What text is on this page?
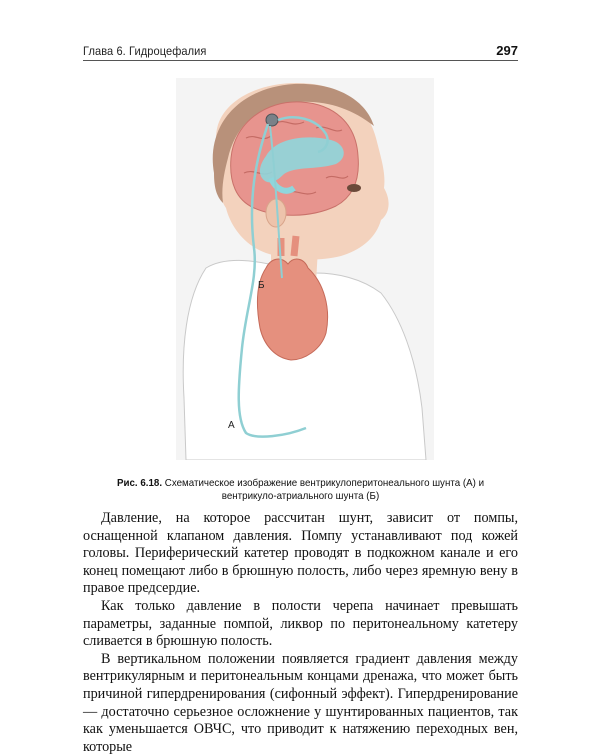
Глава 6. Гидроцефалия	297
Б
А
Рис. 6.18. Схематическое изображение вентрикулоперитонеального шунта (А) и вентрикуло-атриального шунта (Б)

Давление, на которое рассчитан шунт, зависит от помпы, оснащенной клапаном давления. Помпу устанавливают под кожей головы. Периферический катетер проводят в подкожном канале и его конец помещают либо в брюшную полость, либо через яремную вену в правое предсердие.

Как только давление в полости черепа начинает превышать параметры, заданные помпой, ликвор по перитонеальному катетеру сливается в брюшную полость.

В вертикальном положении появляется градиент давления между вентрикулярным и перитонеальным концами дренажа, что может быть причиной гипердренирования (сифонный эффект). Гипердренирование — достаточно серьезное осложнение у шунтированных пациентов, так как уменьшается ОВЧС, что приводит к натяжению переходных вен, которые
